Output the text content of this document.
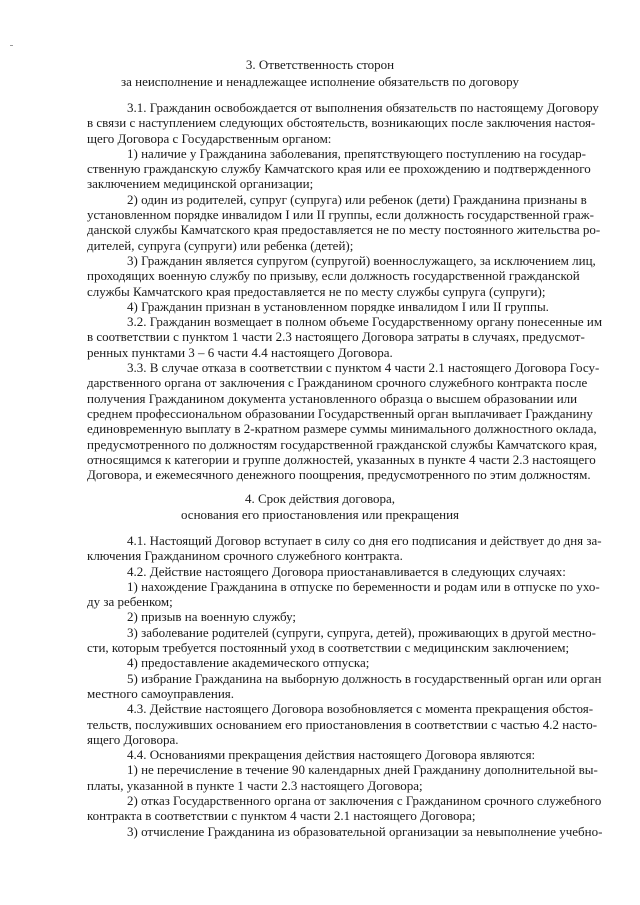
3. Ответственность сторон
за неисполнение и ненадлежащее исполнение обязательств по договору
3.1. Гражданин освобождается от выполнения обязательств по настоящему Договору
в связи с наступлением следующих обстоятельств, возникающих после заключения настоя-
щего Договора с Государственным органом:
1) наличие у Гражданина заболевания, препятствующего поступлению на государ-
ственную гражданскую службу Камчатского края или ее прохождению и подтвержденного
заключением медицинской организации;
2) один из родителей, супруг (супруга) или ребенок (дети) Гражданина признаны в
установленном порядке инвалидом I или II группы, если должность государственной граж-
данской службы Камчатского края предоставляется не по месту постоянного жительства ро-
дителей, супруга (супруги) или ребенка (детей);
3) Гражданин является супругом (супругой) военнослужащего, за исключением лиц,
проходящих военную службу по призыву, если должность государственной гражданской
службы Камчатского края предоставляется не по месту службы супруга (супруги);
4) Гражданин признан в установленном порядке инвалидом I или II группы.
3.2. Гражданин возмещает в полном объеме Государственному органу понесенные им
в соответствии с пунктом 1 части 2.3 настоящего Договора затраты в случаях, предусмот-
ренных пунктами 3 – 6 части 4.4 настоящего Договора.
3.3. В случае отказа в соответствии с пунктом 4 части 2.1 настоящего Договора Госу-
дарственного органа от заключения с Гражданином срочного служебного контракта после
получения Гражданином документа установленного образца о высшем образовании или
среднем профессиональном образовании Государственный орган выплачивает Гражданину
единовременную выплату в 2-кратном размере суммы минимального должностного оклада,
предусмотренного по должностям государственной гражданской службы Камчатского края,
относящимся к категории и группе должностей, указанных в пункте 4 части 2.3 настоящего
Договора, и ежемесячного денежного поощрения, предусмотренного по этим должностям.
4. Срок действия договора,
основания его приостановления или прекращения
4.1. Настоящий Договор вступает в силу со дня его подписания и действует до дня за-
ключения Гражданином срочного служебного контракта.
4.2. Действие настоящего Договора приостанавливается в следующих случаях:
1) нахождение Гражданина в отпуске по беременности и родам или в отпуске по ухо-
ду за ребенком;
2) призыв на военную службу;
3) заболевание родителей (супруги, супруга, детей), проживающих в другой местно-
сти, которым требуется постоянный уход в соответствии с медицинским заключением;
4) предоставление академического отпуска;
5) избрание Гражданина на выборную должность в государственный орган или орган
местного самоуправления.
4.3. Действие настоящего Договора возобновляется с момента прекращения обстоя-
тельств, послуживших основанием его приостановления в соответствии с частью 4.2 насто-
ящего Договора.
4.4. Основаниями прекращения действия настоящего Договора являются:
1) не перечисление в течение 90 календарных дней Гражданину дополнительной вы-
платы, указанной в пункте 1 части 2.3 настоящего Договора;
2) отказ Государственного органа от заключения с Гражданином срочного служебного
контракта в соответствии с пунктом 4 части 2.1 настоящего Договора;
3) отчисление Гражданина из образовательной организации за невыполнение учебно-
